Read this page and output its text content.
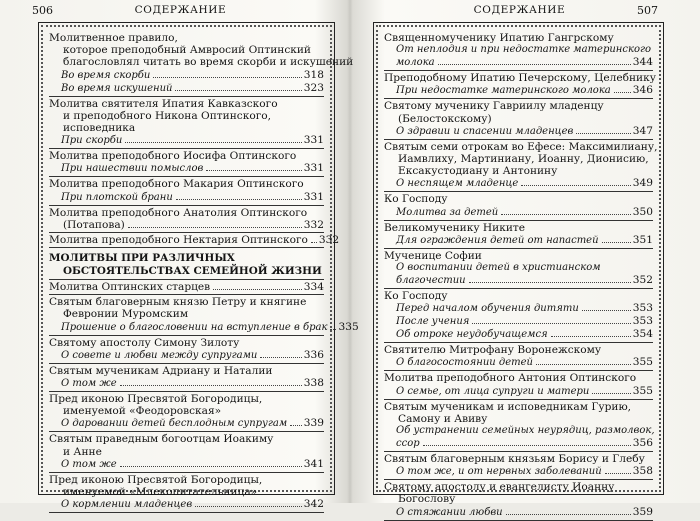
506	СОДЕРЖАНИЕ
Молитвенное правило,
которое преподобный Амвросий Оптинский
благословлял читать во время скорби и искушений
Во время скорби	318
Во время искушений	323
Молитва святителя Ипатия Кавказского
и преподобного Никона Оптинского,
исповедника
При скорби	331
Молитва преподобного Иосифа Оптинского
При нашествии помыслов	331
Молитва преподобного Макария Оптинского
При плотской брани	331
Молитва преподобного Анатолия Оптинского
(Потапова)	332
Молитва преподобного Нектария Оптинского 332
МОЛИТВЫ ПРИ РАЗЛИЧНЫХ
ОБСТОЯТЕЛЬСТВАХ СЕМЕЙНОЙ ЖИЗНИ
Молитва Оптинских старцев	334
Святым благоверным князю Петру и княгине
Февронии Муромским
Прошение о благословении на вступление в брак 335
Святому апостолу Симону Зилоту
О совете и любви между супругами	336
Святым мученикам Адриану и Наталии
О том же	338
Пред иконою Пресвятой Богородицы,
именуемой «Феодоровская»
О даровании детей бесплодным супругам 339
Святым праведным богоотцам Иоакиму
и Анне
О том же	341
Пред иконою Пресвятой Богородицы,
именуемой «Млекопитательница»
О кормлении младенцев	342
СОДЕРЖАНИЕ	507
Священномученику Ипатию Гангрскому
От неплодия и при недостатке материнского
молока	344
Преподобному Ипатию Печерскому, Целебнику
При недостатке материнского молока 346
Святому мученику Гавриилу младенцу
(Белостокскому)
О здравии и спасении младенцев	347
Святым семи отрокам во Ефесе: Максимилиану,
Иамвлиху, Мартиниану, Иоанну, Дионисию,
Ексакустодиану и Антонину
О неспящем младенце	349
Ко Господу
Молитва за детей	350
Великомученику Никите
Для ограждения детей от напастей	351
Мученице Софии
О воспитании детей в христианском
благочестии	352
Ко Господу
Перед началом обучения дитяти	353
После учения	353
Об отроке неудобучащемся	354
Святителю Митрофану Воронежскому
О благосостоянии детей	355
Молитва преподобного Антония Оптинского
О семье, от лица супруги и матери	355
Святым мученикам и исповедникам Гурию,
Самону и Авиву
Об устранении семейных неурядиц, размолвок,
ссор	356
Святым благоверным князьям Борису и Глебу
О том же, и от нервных заболеваний	358
Святому апостолу и евангелисту Иоанну
Богослову
О стяжании любви	359
